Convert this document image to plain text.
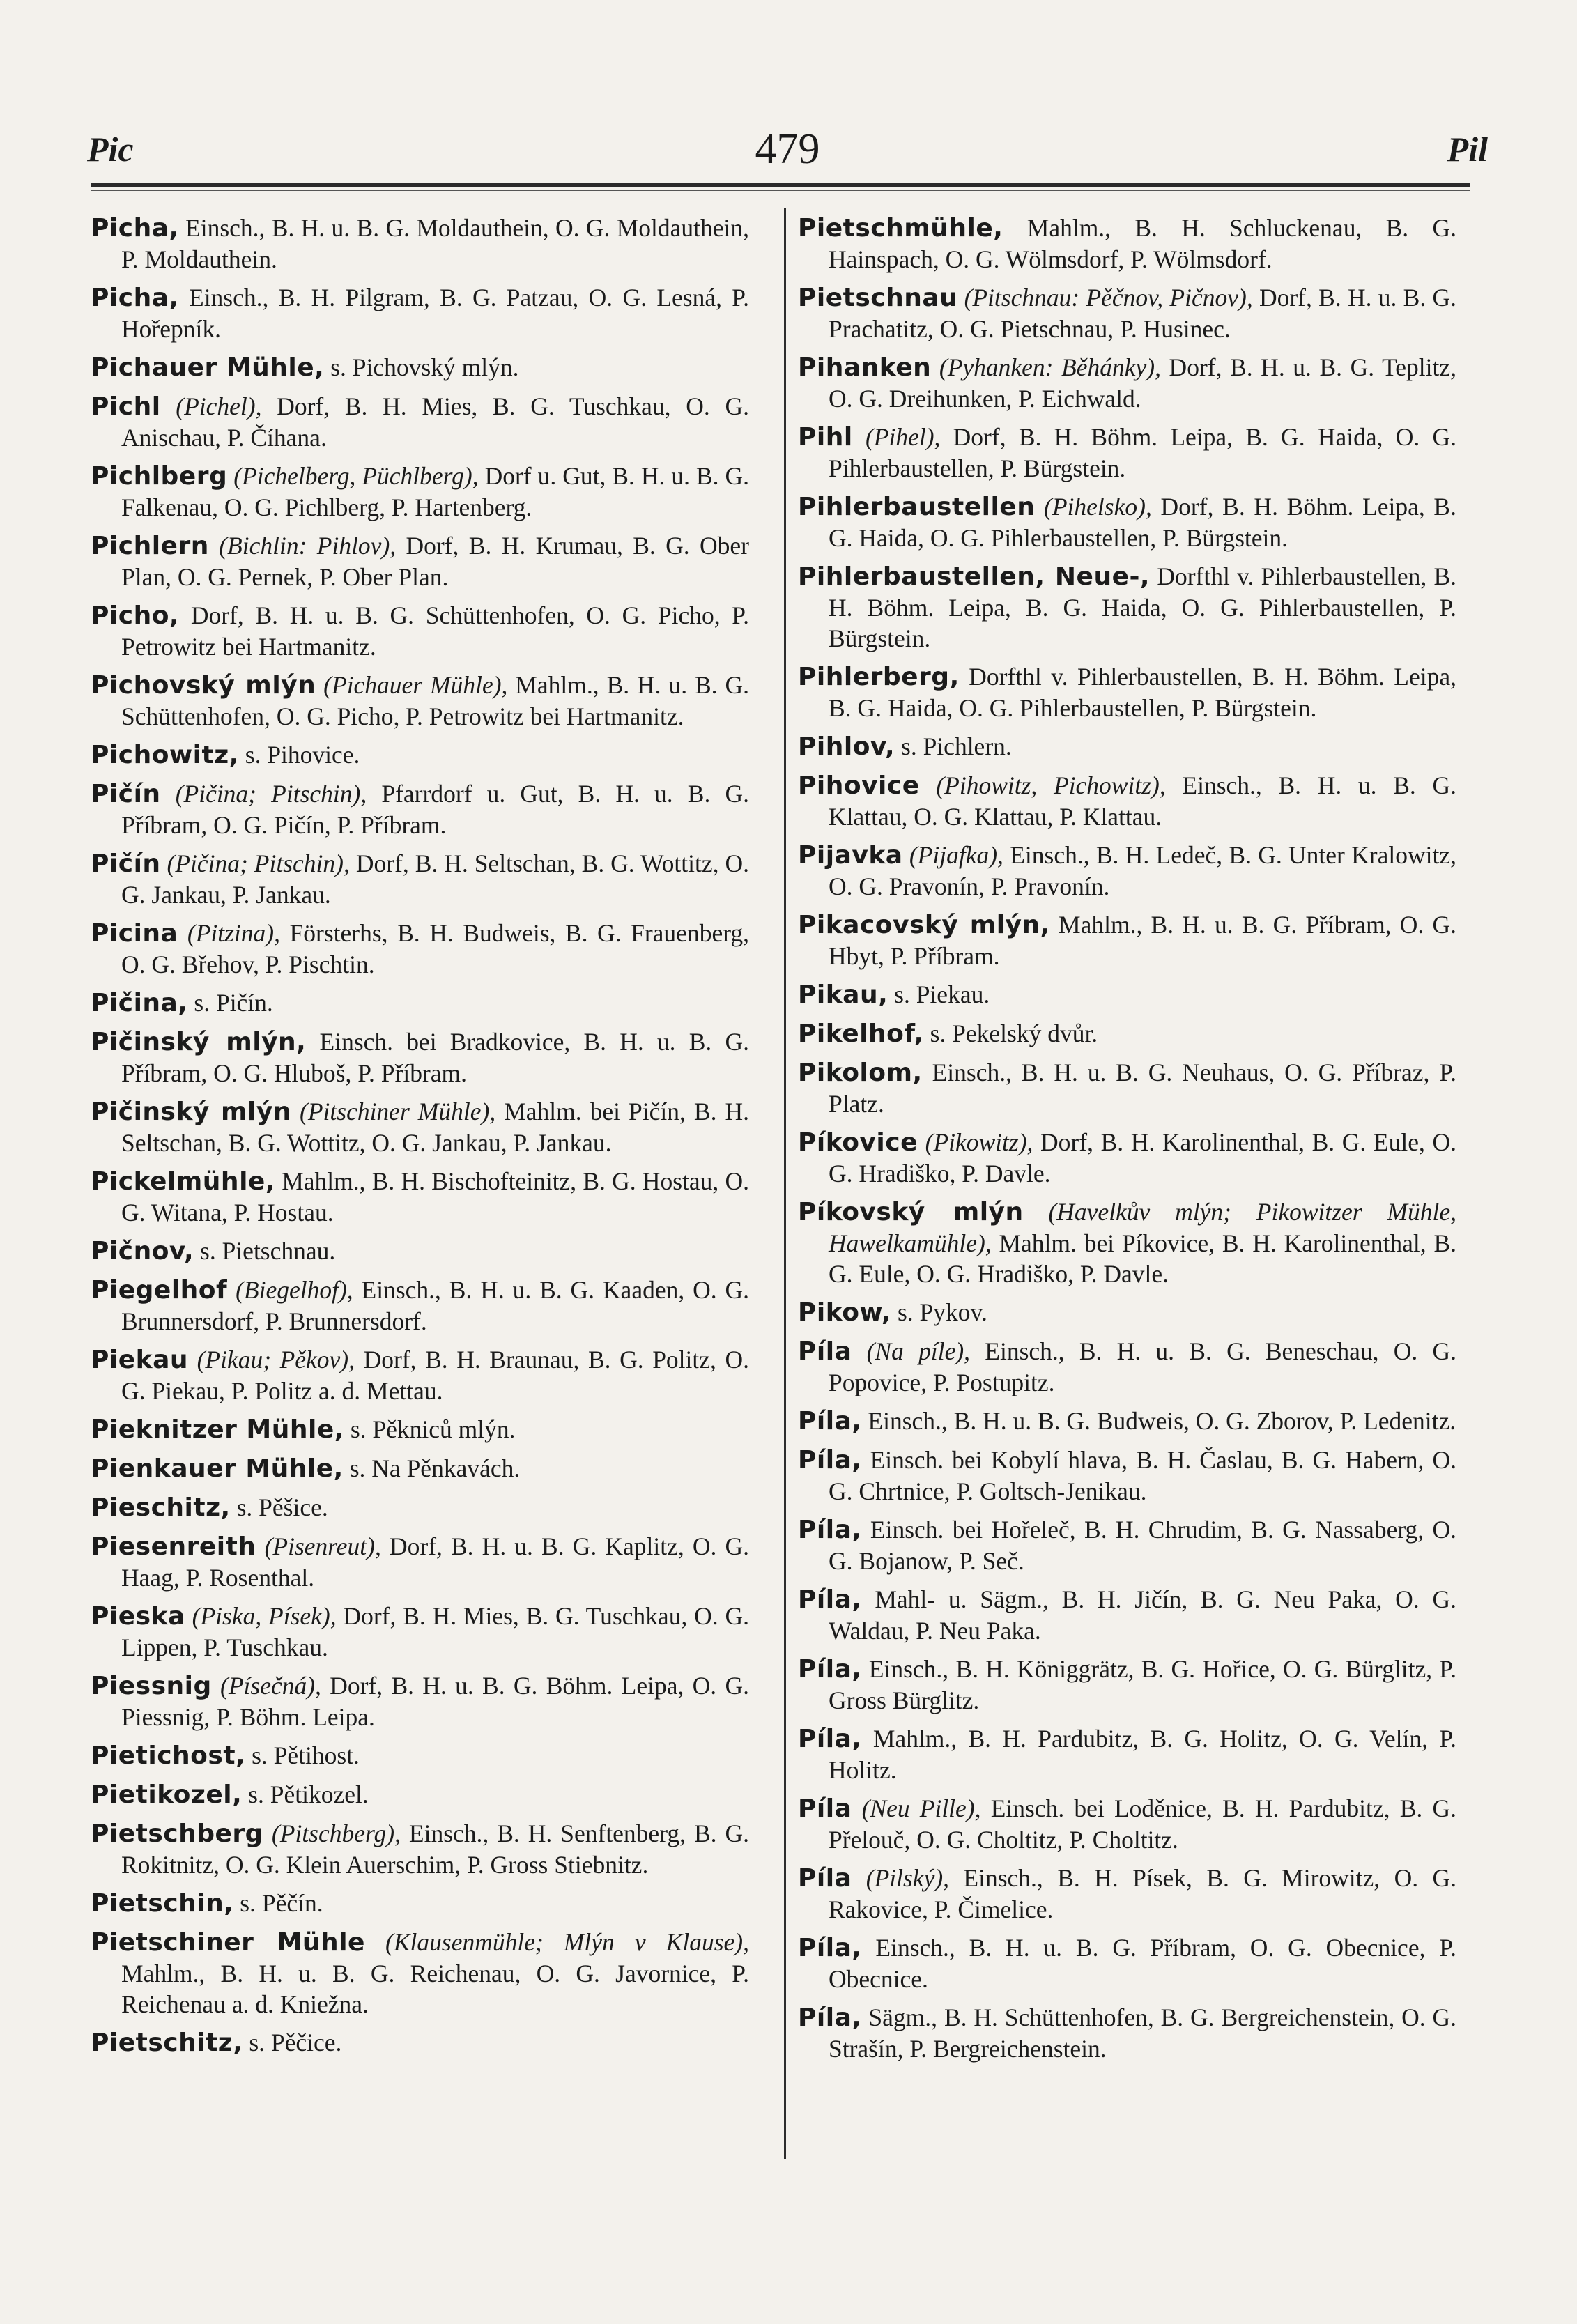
Pic	479	Pil

Picha, Einsch., B. H. u. B. G. Moldauthein, O. G. Moldauthein, P. Moldauthein.

Picha, Einsch., B. H. Pilgram, B. G. Patzau, O. G. Lesná, P. Hořepník.

Pichauer Mühle, s. Pichovský mlýn.

Pichl (Pichel), Dorf, B. H. Mies, B. G. Tuschkau, O. G. Anischau, P. Číhana.

Pichlberg (Pichelberg, Püchlberg), Dorf u. Gut, B. H. u. B. G. Falkenau, O. G. Pichlberg, P. Hartenberg.

Pichlern (Bichlin: Pihlov), Dorf, B. H. Krumau, B. G. Ober Plan, O. G. Pernek, P. Ober Plan.

Picho, Dorf, B. H. u. B. G. Schüttenhofen, O. G. Picho, P. Petrowitz bei Hartmanitz.

Pichovský mlýn (Pichauer Mühle), Mahlm., B. H. u. B. G. Schüttenhofen, O. G. Picho, P. Petrowitz bei Hartmanitz.

Pichowitz, s. Pihovice.

Pičín (Pičina; Pitschin), Pfarrdorf u. Gut, B. H. u. B. G. Příbram, O. G. Pičín, P. Příbram.

Pičín (Pičina; Pitschin), Dorf, B. H. Seltschan, B. G. Wottitz, O. G. Jankau, P. Jankau.

Picina (Pitzina), Försterhs, B. H. Budweis, B. G. Frauenberg, O. G. Břehov, P. Pischtin.

Pičina, s. Pičín.

Pičinský mlýn, Einsch. bei Bradkovice, B. H. u. B. G. Příbram, O. G. Hluboš, P. Příbram.

Pičinský mlýn (Pitschiner Mühle), Mahlm. bei Pičín, B. H. Seltschan, B. G. Wottitz, O. G. Jankau, P. Jankau.

Pickelmühle, Mahlm., B. H. Bischofteinitz, B. G. Hostau, O. G. Witana, P. Hostau.

Pičnov, s. Pietschnau.

Piegelhof (Biegelhof), Einsch., B. H. u. B. G. Kaaden, O. G. Brunnersdorf, P. Brunnersdorf.

Piekau (Pikau; Pěkov), Dorf, B. H. Braunau, B. G. Politz, O. G. Piekau, P. Politz a. d. Mettau.

Pieknitzer Mühle, s. Pěkniců mlýn.

Pienkauer Mühle, s. Na Pěnkavách.

Pieschitz, s. Pěšice.

Piesenreith (Pisenreut), Dorf, B. H. u. B. G. Kaplitz, O. G. Haag, P. Rosenthal.

Pieska (Piska, Písek), Dorf, B. H. Mies, B. G. Tuschkau, O. G. Lippen, P. Tuschkau.

Piessnig (Písečná), Dorf, B. H. u. B. G. Böhm. Leipa, O. G. Piessnig, P. Böhm. Leipa.

Pietichost, s. Pětihost.

Pietikozel, s. Pětikozel.

Pietschberg (Pitschberg), Einsch., B. H. Senftenberg, B. G. Rokitnitz, O. G. Klein Auerschim, P. Gross Stiebnitz.

Pietschin, s. Pěčín.

Pietschiner Mühle (Klausenmühle; Mlýn v Klause), Mahlm., B. H. u. B. G. Reichenau, O. G. Javornice, P. Reichenau a. d. Kniežna.

Pietschitz, s. Pěčice.

Pietschmühle, Mahlm., B. H. Schluckenau, B. G. Hainspach, O. G. Wölmsdorf, P. Wölmsdorf.

Pietschnau (Pitschnau: Pěčnov, Pičnov), Dorf, B. H. u. B. G. Prachatitz, O. G. Pietschnau, P. Husinec.

Pihanken (Pyhanken: Běhánky), Dorf, B. H. u. B. G. Teplitz, O. G. Dreihunken, P. Eichwald.

Pihl (Pihel), Dorf, B. H. Böhm. Leipa, B. G. Haida, O. G. Pihlerbaustellen, P. Bürgstein.

Pihlerbaustellen (Pihelsko), Dorf, B. H. Böhm. Leipa, B. G. Haida, O. G. Pihlerbaustellen, P. Bürgstein.

Pihlerbaustellen, Neue-, Dorfthl v. Pihlerbaustellen, B. H. Böhm. Leipa, B. G. Haida, O. G. Pihlerbaustellen, P. Bürgstein.

Pihlerberg, Dorfthl v. Pihlerbaustellen, B. H. Böhm. Leipa, B. G. Haida, O. G. Pihlerbaustellen, P. Bürgstein.

Pihlov, s. Pichlern.

Pihovice (Pihowitz, Pichowitz), Einsch., B. H. u. B. G. Klattau, O. G. Klattau, P. Klattau.

Pijavka (Pijafka), Einsch., B. H. Ledeč, B. G. Unter Kralowitz, O. G. Pravonín, P. Pravonín.

Pikacovský mlýn, Mahlm., B. H. u. B. G. Příbram, O. G. Hbyt, P. Příbram.

Pikau, s. Piekau.

Pikelhof, s. Pekelský dvůr.

Pikolom, Einsch., B. H. u. B. G. Neuhaus, O. G. Příbraz, P. Platz.

Píkovice (Pikowitz), Dorf, B. H. Karolinenthal, B. G. Eule, O. G. Hradiško, P. Davle.

Píkovský mlýn (Havelkův mlýn; Pikowitzer Mühle, Hawelkamühle), Mahlm. bei Píkovice, B. H. Karolinenthal, B. G. Eule, O. G. Hradiško, P. Davle.

Pikow, s. Pykov.

Píla (Na píle), Einsch., B. H. u. B. G. Beneschau, O. G. Popovice, P. Postupitz.

Píla, Einsch., B. H. u. B. G. Budweis, O. G. Zborov, P. Ledenitz.

Píla, Einsch. bei Kobylí hlava, B. H. Časlau, B. G. Habern, O. G. Chrtnice, P. Goltsch-Jenikau.

Píla, Einsch. bei Hořeleč, B. H. Chrudim, B. G. Nassaberg, O. G. Bojanow, P. Seč.

Píla, Mahl- u. Sägm., B. H. Jičín, B. G. Neu Paka, O. G. Waldau, P. Neu Paka.

Píla, Einsch., B. H. Königgrätz, B. G. Hořice, O. G. Bürglitz, P. Gross Bürglitz.

Píla, Mahlm., B. H. Pardubitz, B. G. Holitz, O. G. Velín, P. Holitz.

Píla (Neu Pille), Einsch. bei Loděnice, B. H. Pardubitz, B. G. Přelouč, O. G. Choltitz, P. Choltitz.

Píla (Pilský), Einsch., B. H. Písek, B. G. Mirowitz, O. G. Rakovice, P. Čimelice.

Píla, Einsch., B. H. u. B. G. Příbram, O. G. Obecnice, P. Obecnice.

Píla, Sägm., B. H. Schüttenhofen, B. G. Bergreichenstein, O. G. Strašín, P. Bergreichenstein.
